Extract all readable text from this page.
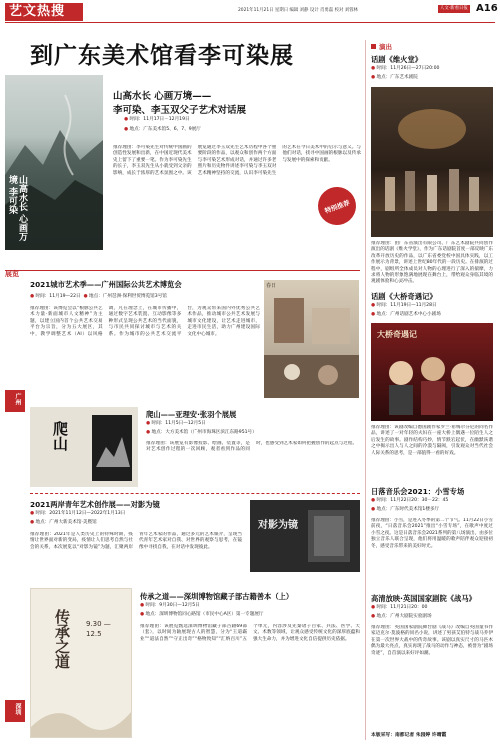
艺文热搜	2021年11月21日 星期日 编辑 刘静 设计 肖勇磊 校对 刘蓉林	人文·新看日报 A16
到广东美术馆看李可染展
山高水长 心画万境 李可染
山高水长 心画万境——
李可染、李玉双父子艺术对话展
● 时间：11月17日－12月19日
● 地点：广东美术馆5、6、7、9展厅
推荐理由：李可染先生对传统中国画的创造性发展和出新，在中国近现代美术史上留下了重要一笔。作为李可染先生的长子，李玉双先生从小就受到父亲的影响，成长于浓厚的艺术氛围之中。该展览通过李玉双先生艺术历程中各个重要阶段的作品，以观众和创作两个方面与李可染艺术形成对话，并通过许多老照片和历史物件讲述李可染与李玉双对艺术精神坚持的交流，认识李可染先生的艺术在今日美术中的启示与意义。与他们对话，找寻中国画的根脉以及传承与发展中的探索和贡献。
特别推荐
展览
广州
2021城市艺术季——广州国际公共艺术博览会
● 时间：11月19—22日 ● 地点：广州琶洲·保利世贸博览馆3号馆
推荐理由：该博览会以“根脉公共艺术力量·新面城市人文精神”为主题，以建立国内首个公共艺术交易平台为宗旨，分为五大展区，其中，教学调整艺术（AI）以风格调，凡在理念上，在城市传播中，通过数字艺术装置、互动影像等多种形式呈现公共艺术的当代面貌，与市民共同探讨城市与艺术的关系。作为城市的公共艺术交流平台，为观众带来国内外优秀公共艺术作品，推动城市公共艺术发展与城市文化建设，让艺术走进城市，走进市民生活，助力广州建设国际文化中心城市。
春日
爬山
爬山——亚理安·张羽个展展
● 时间：11月5日—12月5日
● 地点：大方美术馆（广州市海珠区滨江东路951号）
推荐理由：该展览有影像投影、绘画、装置等，是对艺术创作过程的一次回顾，观者看到作品的同时，也感受到艺术家如何把握创作的起点与过程。
2021两岸青年艺术创作展——对影为镜
● 时间：2021年11月12日—2022年1月13日
● 地点：广州大新美术馆·美暨馆
推荐理由：2021年是人类历史上的特殊时期，疫情让世界面对新的变局，疫情让人们思考自然与社会的关系，本次展览以“对影为镜”为题，汇聚两岸青年艺术家的作品，通过多元的艺术媒介，呈现当代青年艺术家对自我、对世界的观察与思考，在镜像中寻找自我，在对话中发现彼此。
对影为镜
深圳
传承之道 9.30 — 12.5
传承之道——深圳博物馆藏子部古籍善本（上）
● 时间：9月30日—12月5日
● 地点：深圳博物馆同心路馆（市民中心A区）第一专题展厅
推荐理由：该展览甄选深圳博物馆藏子部古籍69部（套），以时间为轴展现古人的智慧，分为“王道霸业”“道法自然”“守正出奇”“格物致知”“汇纳百川”五个单元，内容涉及先秦诸子百家、兵法、医学、天文、术数等领域，让观众感受传统文化的深厚底蕴和强大生命力，并为增进文化自信提供历史依据。
演出
话剧《维火堂》
● 时间：11月26日—27日20:00
● 地点：广东艺术剧院
推荐理由：由广东省演出有限公司、广东艺术剧院共同创作演出的话剧《维火学堂》，作为广东话剧院首度一部反映广东改革开放历史的作品，以广东省委党校中国具体实践，以工作展示为背景，讲述上世纪80年代的一段历史。在排演的过程中，剧组所全体成员对人物的心理进行了深入的揣摩，力求将人物的形象饱满地展现在舞台上，带给观众身临其境的观剧体验和心灵冲击。
话剧《大桥奇遇记》
● 时间：11月19日—11月28日
● 地点：广州话剧艺术中心小剧场
大桥奇遇记
推荐理由：该剧改编自德国剧作家罗兰·希梅尔芬尼的同名作品，讲述了一对年轻的夫妇在一座大桥上偶遇一位陌生人之后发生的故事。剧作结构巧妙，情节跌宕起伏，在幽默诙谐之中揭示出人与人之间的冷漠与隔阂，引发观众对当代社会人际关系的思考，是一部值得一看的好戏。
日落音乐会2021：小雪专场
● 时间：11月22日20：30－22：45
● 地点：广东时代美术馆1楼多厅
推荐理由：小雪，是进入冬季的第二个节气。11月22日小雪前夜，“日落音乐会2021”推出“小雪专场”，在歌声中度过小雪之夜。这是日落音乐会2021系列的第八场演出，由多位独立音乐人联合呈现，他们将用温暖的歌声陪伴观众迎接初冬，感受音乐带来的美好时光。
高清放映·英国国家剧院《战马》
● 时间：11月21日20：00
● 地点：广州大剧院实验剧场
推荐理由：英国国家剧院舞台剧《战马》改编自英国童书作家迈克尔·莫波格的同名小说，讲述了男孩艾伯特与战马乔伊在第一次世界大战中的传奇故事。该剧以真实尺寸的马匹木偶为最大亮点，真实再现了战马的动作与神态，被誉为“剧场奇迹”，自首演以来好评如潮。
本版采写：南都记者 朱园婷 许晴霞
